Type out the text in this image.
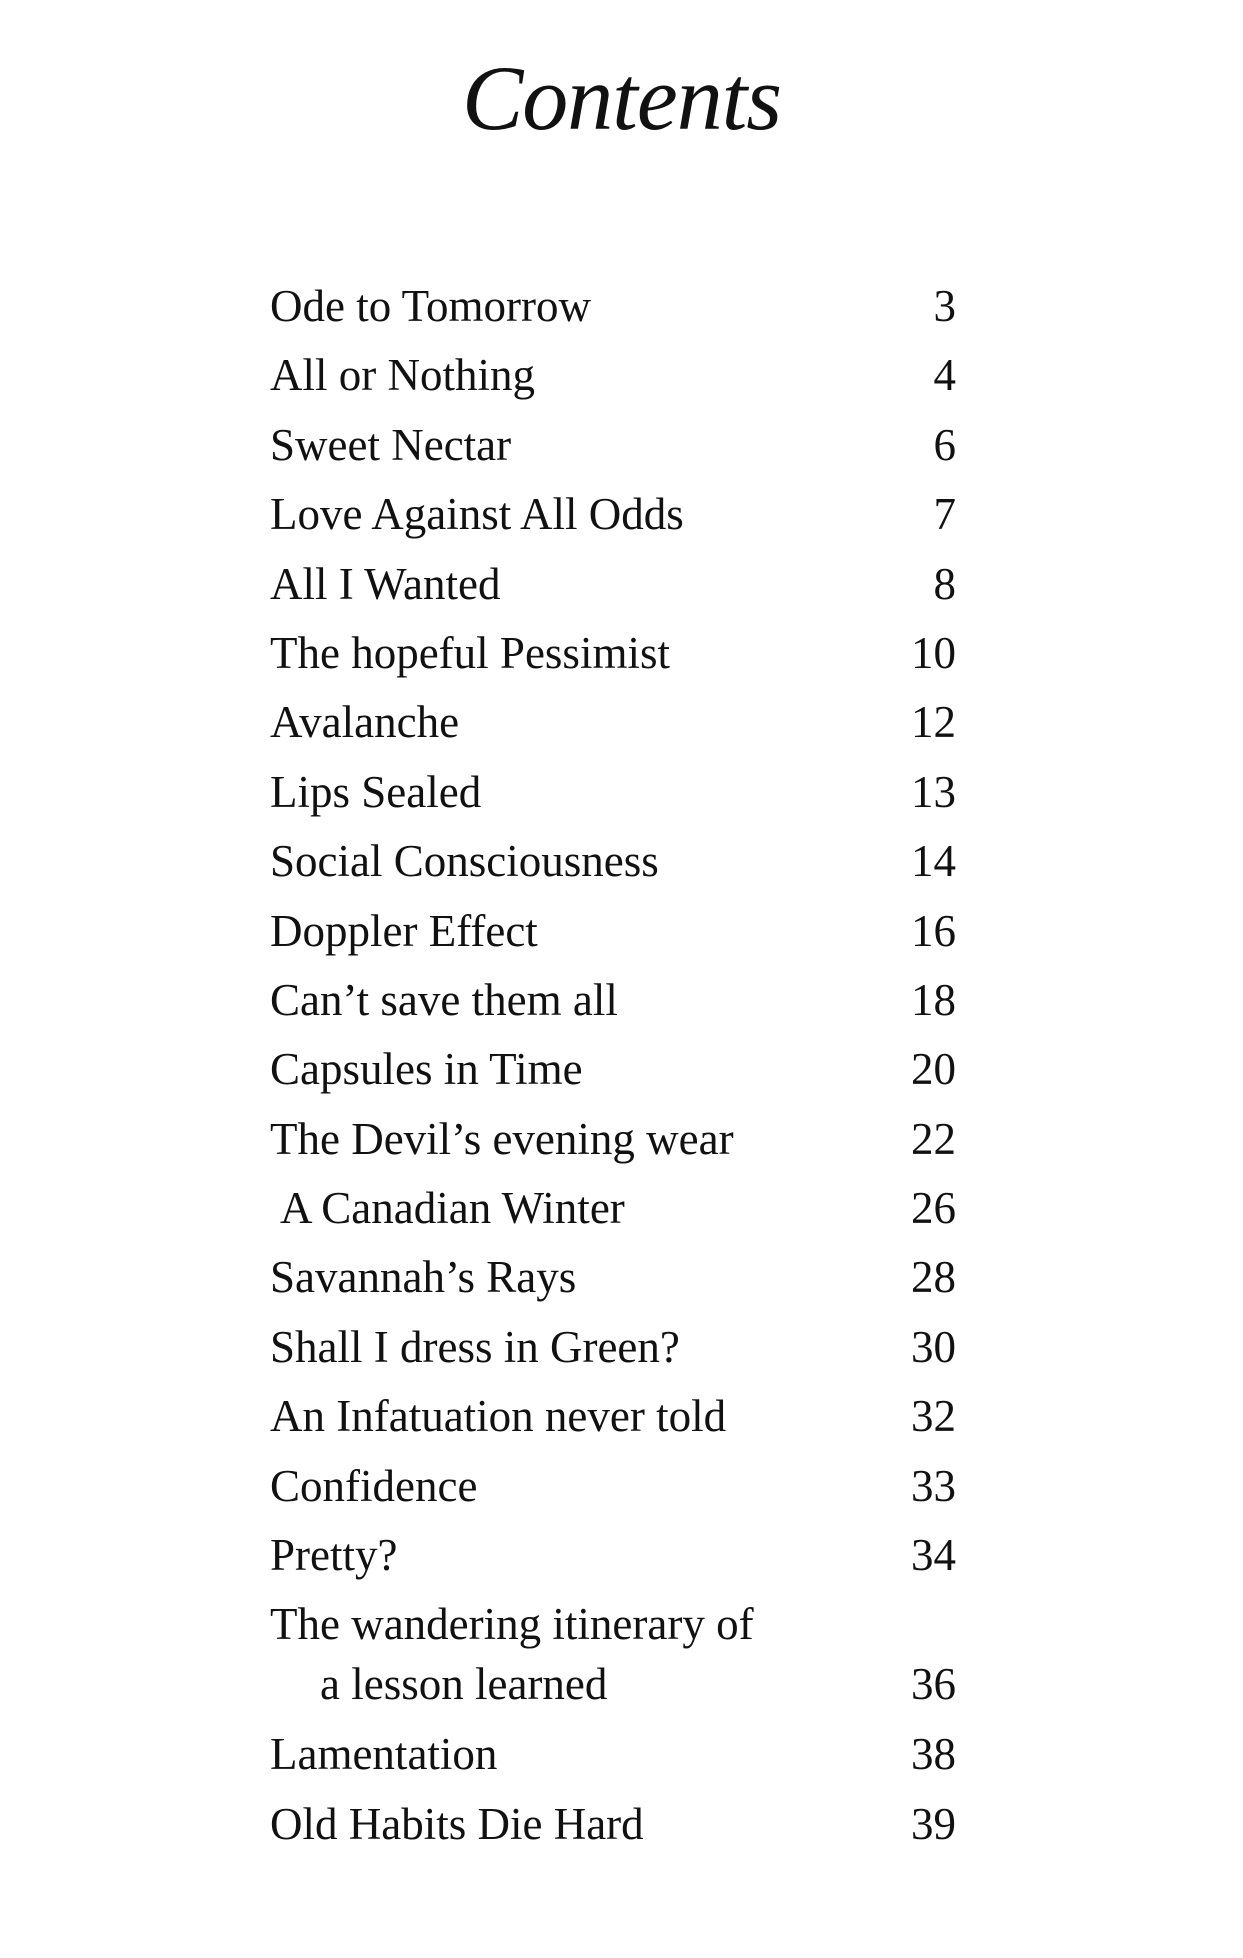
Contents
Ode to Tomorrow	3
All or Nothing	4
Sweet Nectar	6
Love Against All Odds	7
All I Wanted	8
The hopeful Pessimist	10
Avalanche	12
Lips Sealed	13
Social Consciousness	14
Doppler Effect	16
Can’t save them all	18
Capsules in Time	20
The Devil’s evening wear	22
A Canadian Winter	26
Savannah’s Rays	28
Shall I dress in Green?	30
An Infatuation never told	32
Confidence	33
Pretty?	34
The wandering itinerary of
a lesson learned	36
Lamentation	38
Old Habits Die Hard	39
